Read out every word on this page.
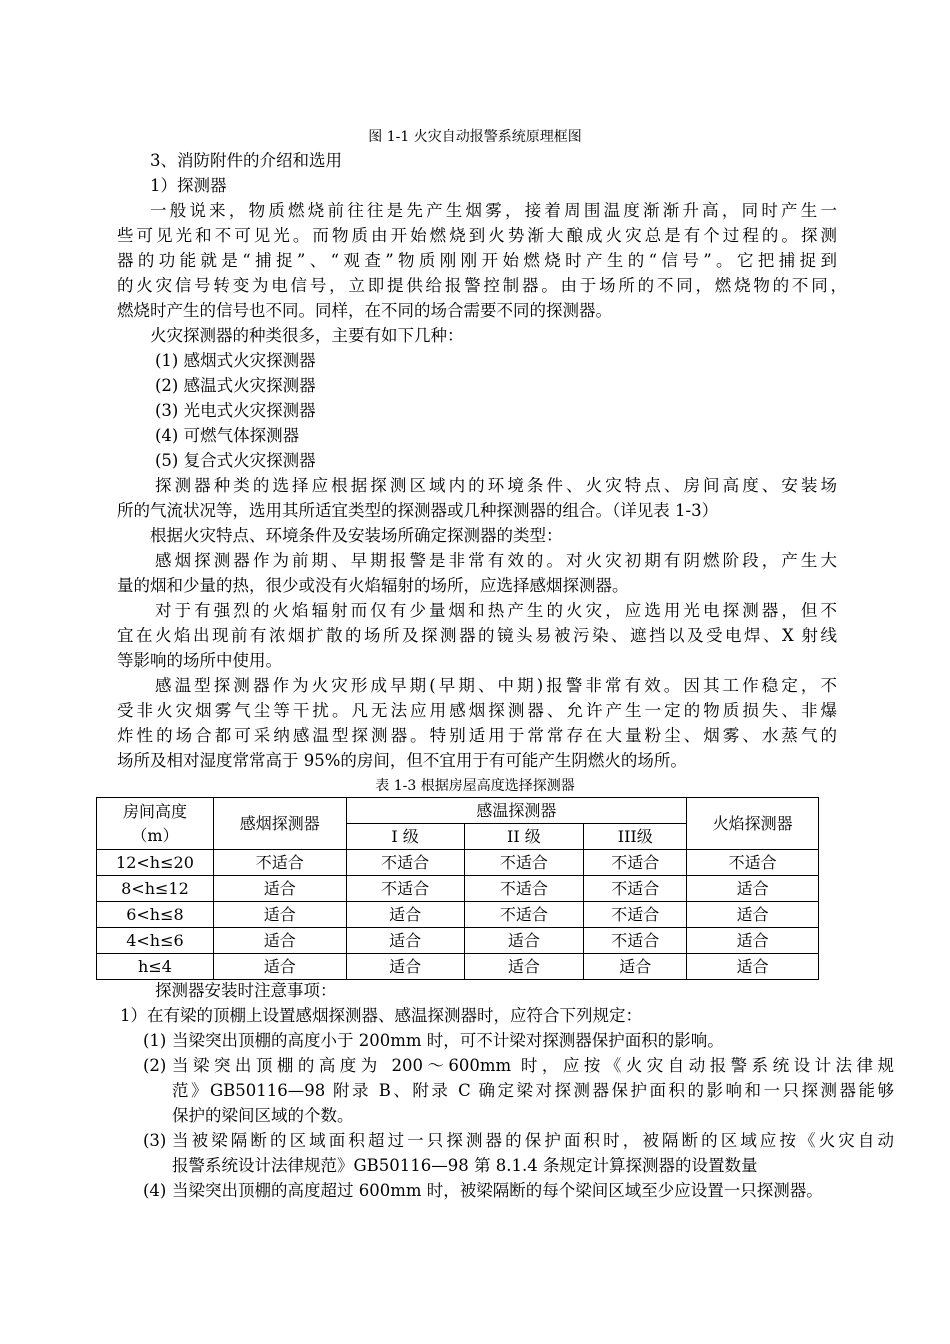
图 1-1 火灾自动报警系统原理框图
3、消防附件的介绍和选用
1）探测器
一般说来，物质燃烧前往往是先产生烟雾，接着周围温度渐渐升高，同时产生一
些可见光和不可见光。而物质由开始燃烧到火势渐大酿成火灾总是有个过程的。探测
器的功能就是“捕捉”、“观查”物质刚刚开始燃烧时产生的“信号”。它把捕捉到
的火灾信号转变为电信号，立即提供给报警控制器。由于场所的不同，燃烧物的不同，
燃烧时产生的信号也不同。同样，在不同的场合需要不同的探测器。
火灾探测器的种类很多，主要有如下几种：
(1) 感烟式火灾探测器
(2) 感温式火灾探测器
(3) 光电式火灾探测器
(4) 可燃气体探测器
(5) 复合式火灾探测器
探测器种类的选择应根据探测区域内的环境条件、火灾特点、房间高度、安装场
所的气流状况等，选用其所适宜类型的探测器或几种探测器的组合。（详见表 1-3）
根据火灾特点、环境条件及安装场所确定探测器的类型：
感烟探测器作为前期、早期报警是非常有效的。对火灾初期有阴燃阶段，产生大
量的烟和少量的热，很少或没有火焰辐射的场所，应选择感烟探测器。
对于有强烈的火焰辐射而仅有少量烟和热产生的火灾，应选用光电探测器，但不
宜在火焰出现前有浓烟扩散的场所及探测器的镜头易被污染、遮挡以及受电焊、X 射线
等影响的场所中使用。
感温型探测器作为火灾形成早期(早期、中期)报警非常有效。因其工作稳定，不
受非火灾烟雾气尘等干扰。凡无法应用感烟探测器、允许产生一定的物质损失、非爆
炸性的场合都可采纳感温型探测器。特别适用于常常存在大量粉尘、烟雾、水蒸气的
场所及相对湿度常常高于 95%的房间，但不宜用于有可能产生阴燃火的场所。
表 1-3 根据房屋高度选择探测器
房间高度
（m）	感烟探测器	感温探测器			火焰探测器
		I 级	II 级	III级	
12<h≤20	不适合	不适合	不适合	不适合	不适合
8<h≤12	适合	不适合	不适合	不适合	适合
6<h≤8	适合	适合	不适合	不适合	适合
4<h≤6	适合	适合	适合	不适合	适合
h≤4	适合	适合	适合	适合	适合
探测器安装时注意事项：
1）在有梁的顶棚上设置感烟探测器、感温探测器时，应符合下列规定：
(1) 当梁突出顶棚的高度小于 200mm 时，可不计梁对探测器保护面积的影响。
(2) 当梁突出顶棚的高度为 200～600mm 时，应按《火灾自动报警系统设计法律规
范》GB50116—98 附录 B、附录 C 确定梁对探测器保护面积的影响和一只探测器能够
保护的梁间区域的个数。
(3) 当被梁隔断的区域面积超过一只探测器的保护面积时，被隔断的区域应按《火灾自动
报警系统设计法律规范》GB50116—98 第 8.1.4 条规定计算探测器的设置数量
(4) 当梁突出顶棚的高度超过 600mm 时，被梁隔断的每个梁间区域至少应设置一只探测器。
